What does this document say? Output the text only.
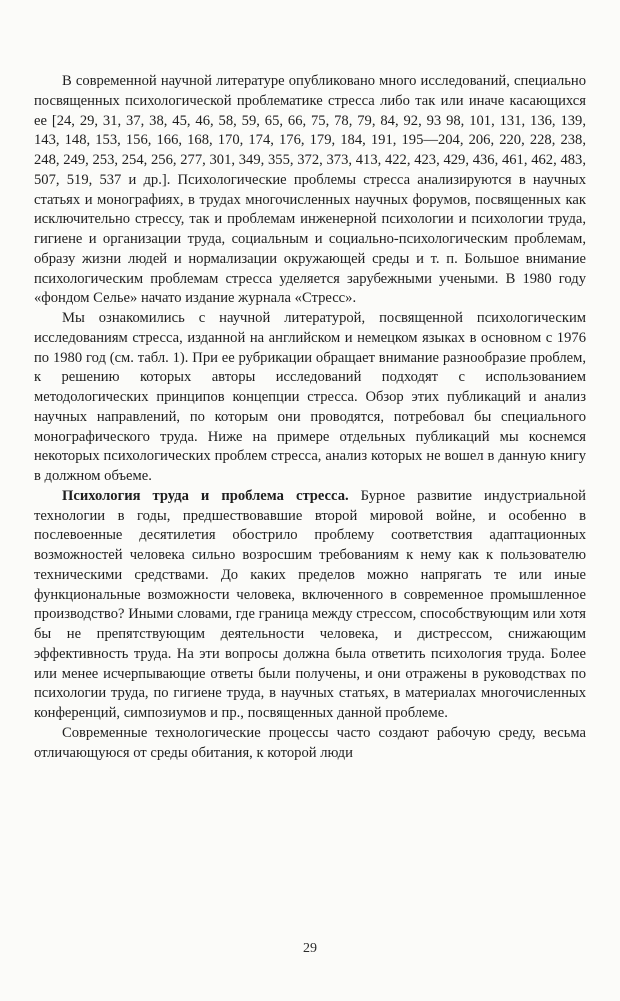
В современной научной литературе опубликовано много исследований, специально посвященных психологической проблематике стресса либо так или иначе касающихся ее [24, 29, 31, 37, 38, 45, 46, 58, 59, 65, 66, 75, 78, 79, 84, 92, 93 98, 101, 131, 136, 139, 143, 148, 153, 156, 166, 168, 170, 174, 176, 179, 184, 191, 195—204, 206, 220, 228, 238, 248, 249, 253, 254, 256, 277, 301, 349, 355, 372, 373, 413, 422, 423, 429, 436, 461, 462, 483, 507, 519, 537 и др.]. Психологические проблемы стресса анализируются в научных статьях и монографиях, в трудах многочисленных научных форумов, посвященных как исключительно стрессу, так и проблемам инженерной психологии и психологии труда, гигиене и организации труда, социальным и социально-психологическим проблемам, образу жизни людей и нормализации окружающей среды и т. п. Большое внимание психологическим проблемам стресса уделяется зарубежными учеными. В 1980 году «фондом Селье» начато издание журнала «Стресс».

Мы ознакомились с научной литературой, посвященной психологическим исследованиям стресса, изданной на английском и немецком языках в основном с 1976 по 1980 год (см. табл. 1). При ее рубрикации обращает внимание разнообразие проблем, к решению которых авторы исследований подходят с использованием методологических принципов концепции стресса. Обзор этих публикаций и анализ научных направлений, по которым они проводятся, потребовал бы специального монографического труда. Ниже на примере отдельных публикаций мы коснемся некоторых психологических проблем стресса, анализ которых не вошел в данную книгу в должном объеме.

Психология труда и проблема стресса. Бурное развитие индустриальной технологии в годы, предшествовавшие второй мировой войне, и особенно в послевоенные десятилетия обострило проблему соответствия адаптационных возможностей человека сильно возросшим требованиям к нему как к пользователю техническими средствами. До каких пределов можно напрягать те или иные функциональные возможности человека, включенного в современное промышленное производство? Иными словами, где граница между стрессом, способствующим или хотя бы не препятствующим деятельности человека, и дистрессом, снижающим эффективность труда. На эти вопросы должна была ответить психология труда. Более или менее исчерпывающие ответы были получены, и они отражены в руководствах по психологии труда, по гигиене труда, в научных статьях, в материалах многочисленных конференций, симпозиумов и пр., посвященных данной проблеме.

Современные технологические процессы часто создают рабочую среду, весьма отличающуюся от среды обитания, к которой люди

29
